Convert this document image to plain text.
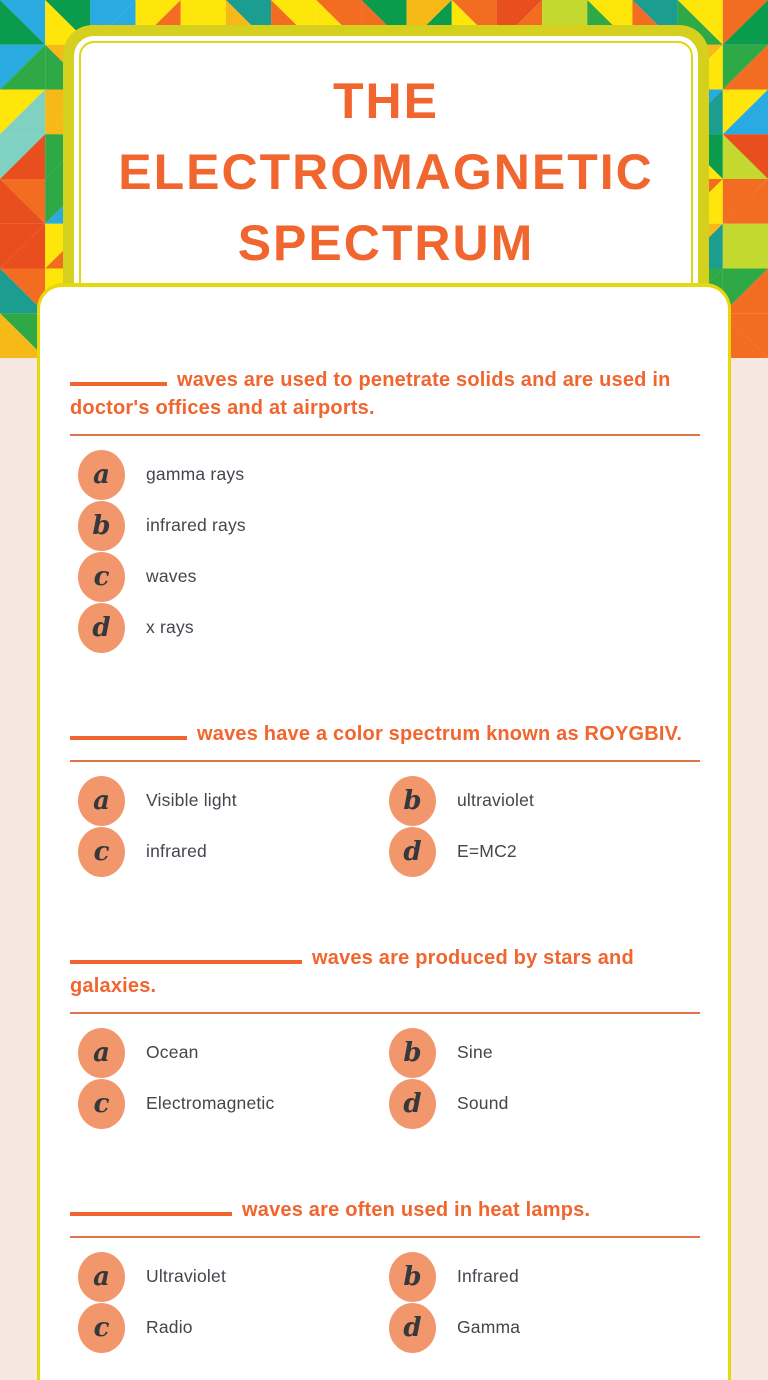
THE
ELECTROMAGNETIC
SPECTRUM
waves are used to penetrate solids and are used in doctor's offices and at airports.
a	gamma rays
b	infrared rays
c	waves
d	x rays
waves have a color spectrum known as ROYGBIV.
a	Visible light	b	ultraviolet
c	infrared	d	E=MC2
waves are produced by stars and galaxies.
a	Ocean	b	Sine
c	Electromagnetic	d	Sound
waves are often used in heat lamps.
a	Ultraviolet	b	Infrared
c	Radio	d	Gamma
